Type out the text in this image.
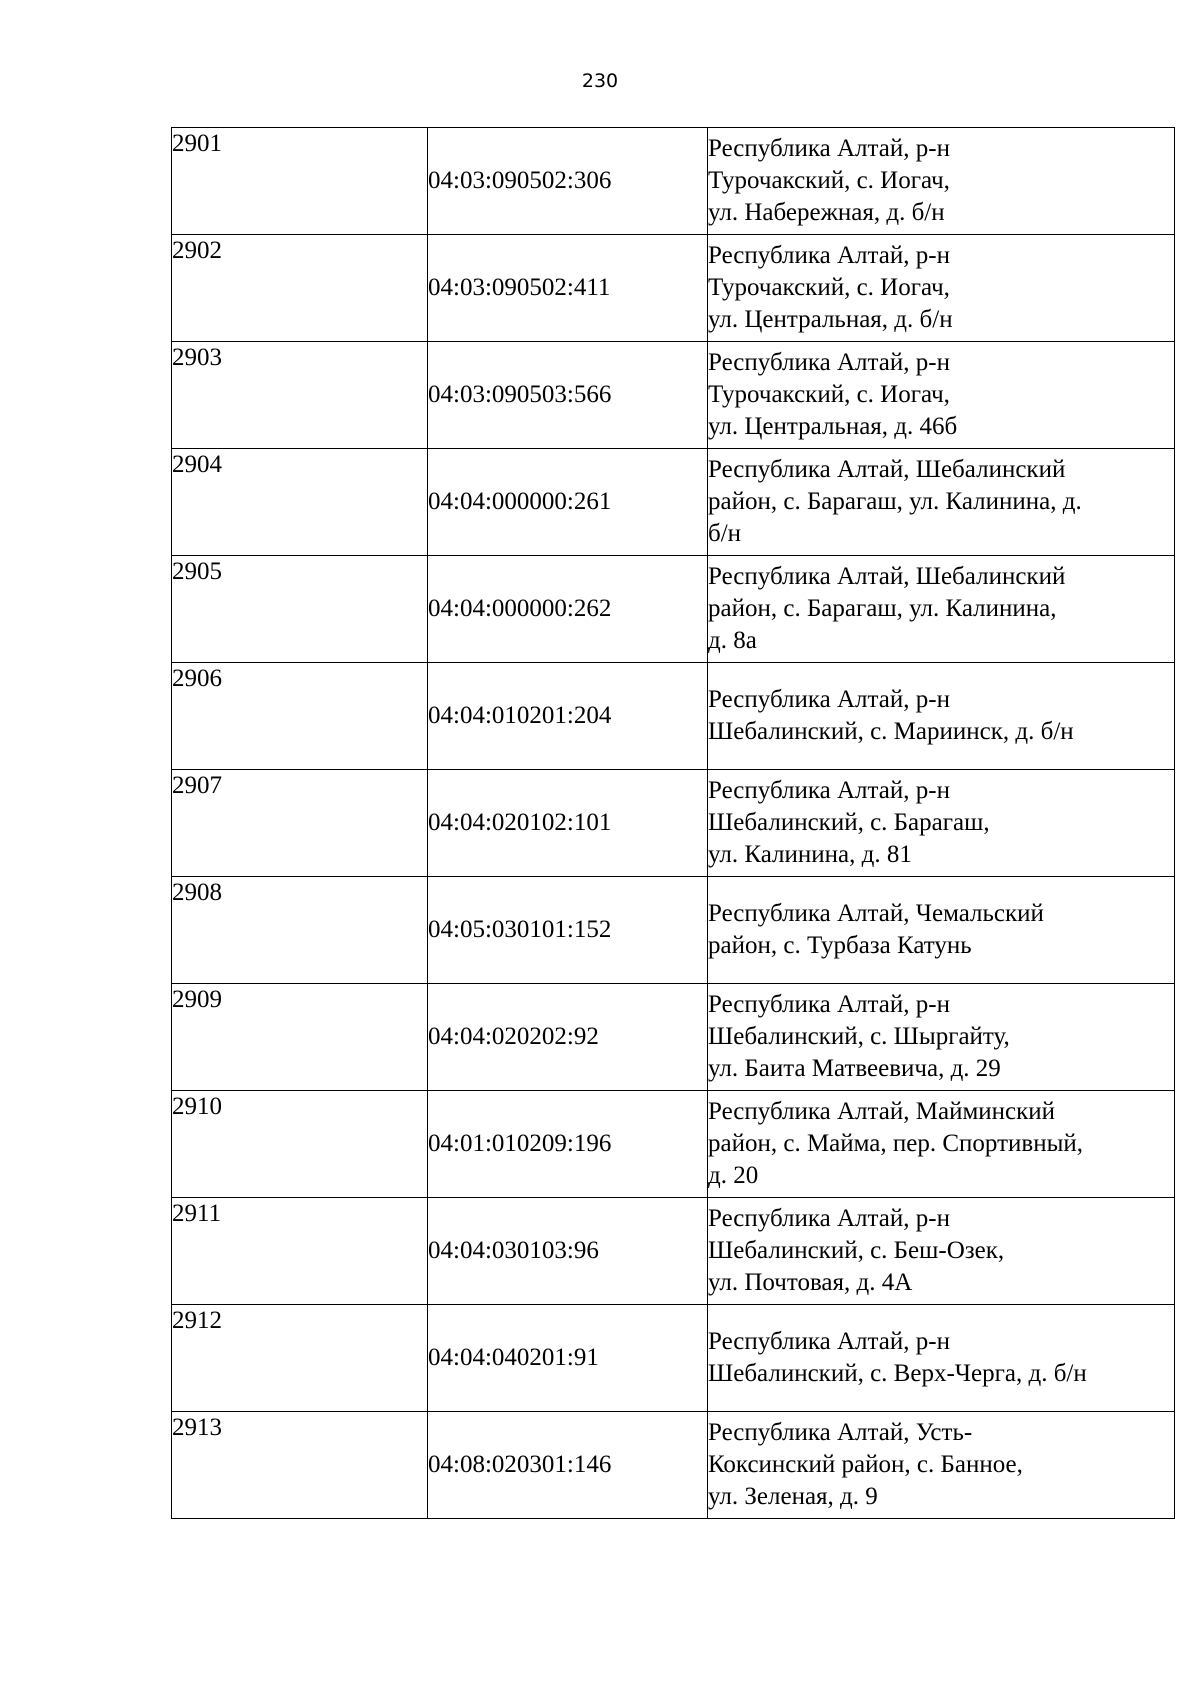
230
2901	04:03:090502:306	Республика Алтай, р-н
Турочакский, с. Иогач,
ул. Набережная, д. б/н

2902	04:03:090502:411	Республика Алтай, р-н
Турочакский, с. Иогач,
ул. Центральная, д. б/н

2903	04:03:090503:566	Республика Алтай, р-н
Турочакский, с. Иогач,
ул. Центральная, д. 46б

2904	04:04:000000:261	Республика Алтай, Шебалинский
район, с. Барагаш, ул. Калинина, д.
б/н

2905	04:04:000000:262	Республика Алтай, Шебалинский
район, с. Барагаш, ул. Калинина,
д. 8а

2906	04:04:010201:204	Республика Алтай, р-н
Шебалинский, с. Мариинск, д. б/н

2907	04:04:020102:101	Республика Алтай, р-н
Шебалинский, с. Барагаш,
ул. Калинина, д. 81

2908	04:05:030101:152	Республика Алтай, Чемальский
район, с. Турбаза Катунь

2909	04:04:020202:92	Республика Алтай, р-н
Шебалинский, с. Шыргайту,
ул. Баита Матвеевича, д. 29

2910	04:01:010209:196	Республика Алтай, Майминский
район, с. Майма, пер. Спортивный,
д. 20

2911	04:04:030103:96	Республика Алтай, р-н
Шебалинский, с. Беш-Озек,
ул. Почтовая, д. 4А

2912	04:04:040201:91	Республика Алтай, р-н
Шебалинский, с. Верх-Черга, д. б/н

2913	04:08:020301:146	Республика Алтай, Усть-
Коксинский район, с. Банное,
ул. Зеленая, д. 9
